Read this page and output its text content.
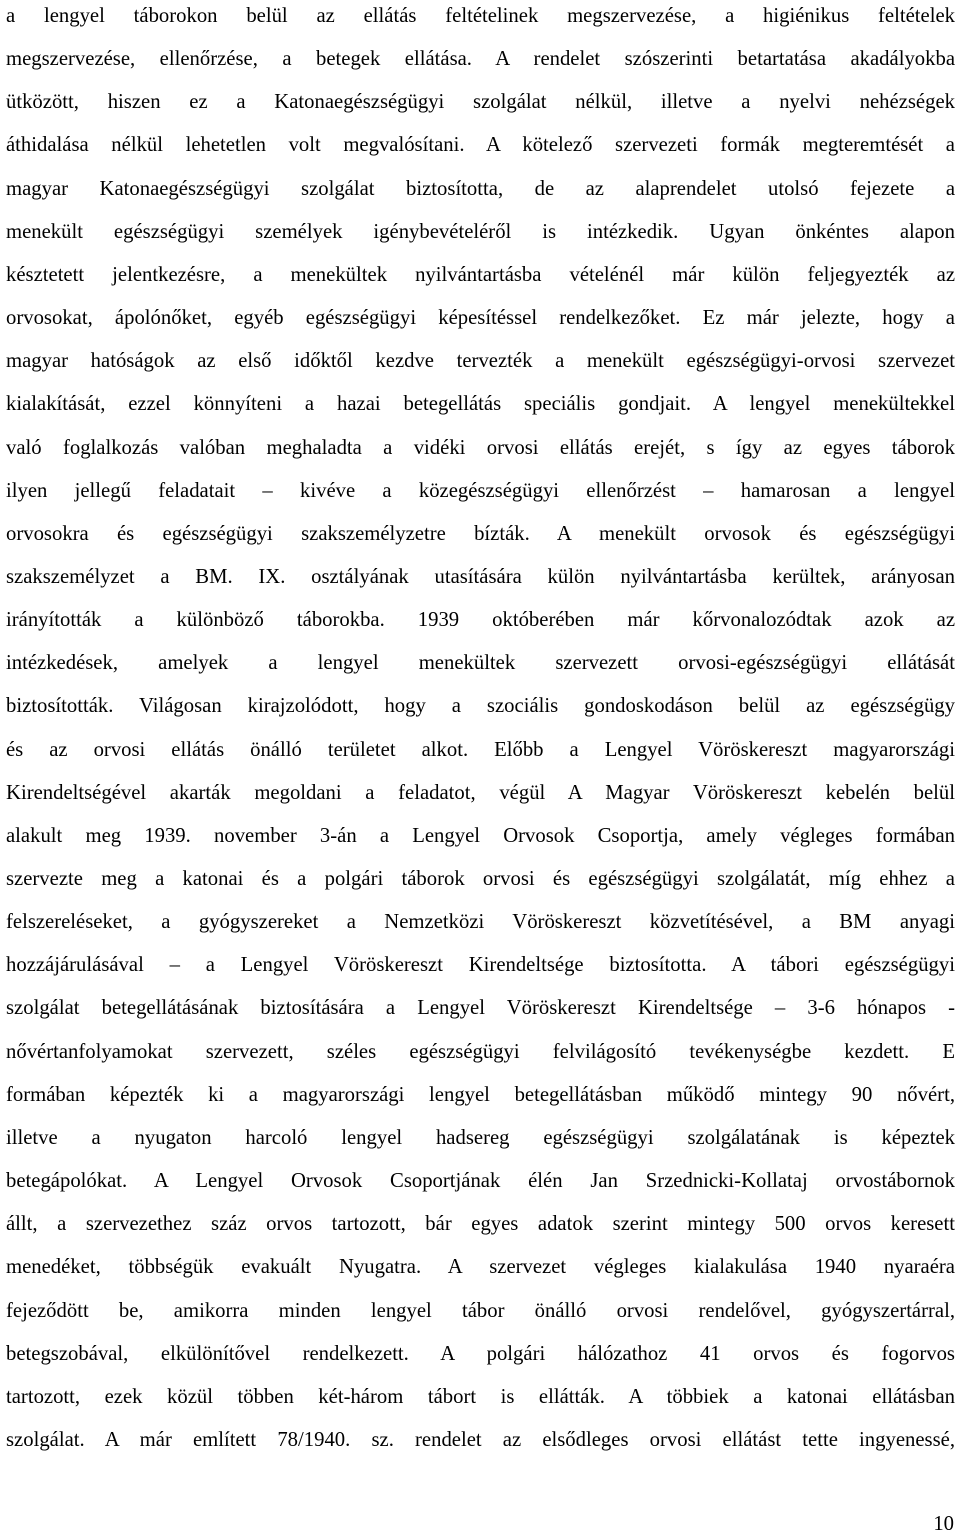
a lengyel táborokon belül az ellátás feltételinek megszervezése, a higiénikus feltételek
megszervezése, ellenőrzése, a betegek ellátása. A rendelet szószerinti betartatása akadályokba
ütközött, hiszen ez a Katonaegészségügyi szolgálat nélkül, illetve a nyelvi nehézségek
áthidalása nélkül lehetetlen volt megvalósítani. A kötelező szervezeti formák megteremtését a
magyar Katonaegészségügyi szolgálat biztosította, de az alaprendelet utolsó fejezete a
menekült egészségügyi személyek igénybevételéről is intézkedik. Ugyan önkéntes alapon
késztetett jelentkezésre, a menekültek nyilvántartásba vételénél már külön feljegyezték az
orvosokat, ápolónőket, egyéb egészségügyi képesítéssel rendelkezőket. Ez már jelezte, hogy a
magyar hatóságok az első időktől kezdve tervezték a menekült egészségügyi-orvosi szervezet
kialakítását, ezzel könnyíteni a hazai betegellátás speciális gondjait. A lengyel menekültekkel
való foglalkozás valóban meghaladta a vidéki orvosi ellátás erejét, s így az egyes táborok
ilyen jellegű feladatait – kivéve a közegészségügyi ellenőrzést – hamarosan a lengyel
orvosokra és egészségügyi szakszemélyzetre bízták. A menekült orvosok és egészségügyi
szakszemélyzet a BM. IX. osztályának utasítására külön nyilvántartásba kerültek, arányosan
irányították a különböző táborokba. 1939 októberében már kőrvonalozódtak azok az
intézkedések, amelyek a lengyel menekültek szervezett orvosi-egészségügyi ellátását
biztosították. Világosan kirajzolódott, hogy a szociális gondoskodáson belül az egészségügy
és az orvosi ellátás önálló területet alkot. Előbb a Lengyel Vöröskereszt magyarországi
Kirendeltségével akarták megoldani a feladatot, végül A Magyar Vöröskereszt kebelén belül
alakult meg 1939. november 3-án a Lengyel Orvosok Csoportja, amely végleges formában
szervezte meg a katonai és a polgári táborok orvosi és egészségügyi szolgálatát, míg ehhez a
felszereléseket, a gyógyszereket a Nemzetközi Vöröskereszt közvetítésével, a BM anyagi
hozzájárulásával – a Lengyel Vöröskereszt Kirendeltsége biztosította. A tábori egészségügyi
szolgálat betegellátásának biztosítására a Lengyel Vöröskereszt Kirendeltsége – 3-6 hónapos -
nővértanfolyamokat szervezett, széles egészségügyi felvilágosító tevékenységbe kezdett. E
formában képezték ki a magyarországi lengyel betegellátásban működő mintegy 90 nővért,
illetve a nyugaton harcoló lengyel hadsereg egészségügyi szolgálatának is képeztek
betegápolókat. A Lengyel Orvosok Csoportjának élén Jan Srzednicki-Kollataj orvostábornok
állt, a szervezethez száz orvos tartozott, bár egyes adatok szerint mintegy 500 orvos keresett
menedéket, többségük evakuált Nyugatra. A szervezet végleges kialakulása 1940 nyaraéra
fejeződött be, amikorra minden lengyel tábor önálló orvosi rendelővel, gyógyszertárral,
betegszobával, elkülönítővel rendelkezett. A polgári hálózathoz 41 orvos és fogorvos
tartozott, ezek közül többen két-három tábort is ellátták. A többiek a katonai ellátásban
szolgálat. A már említett 78/1940. sz. rendelet az elsődleges orvosi ellátást tette ingyenessé,
10
